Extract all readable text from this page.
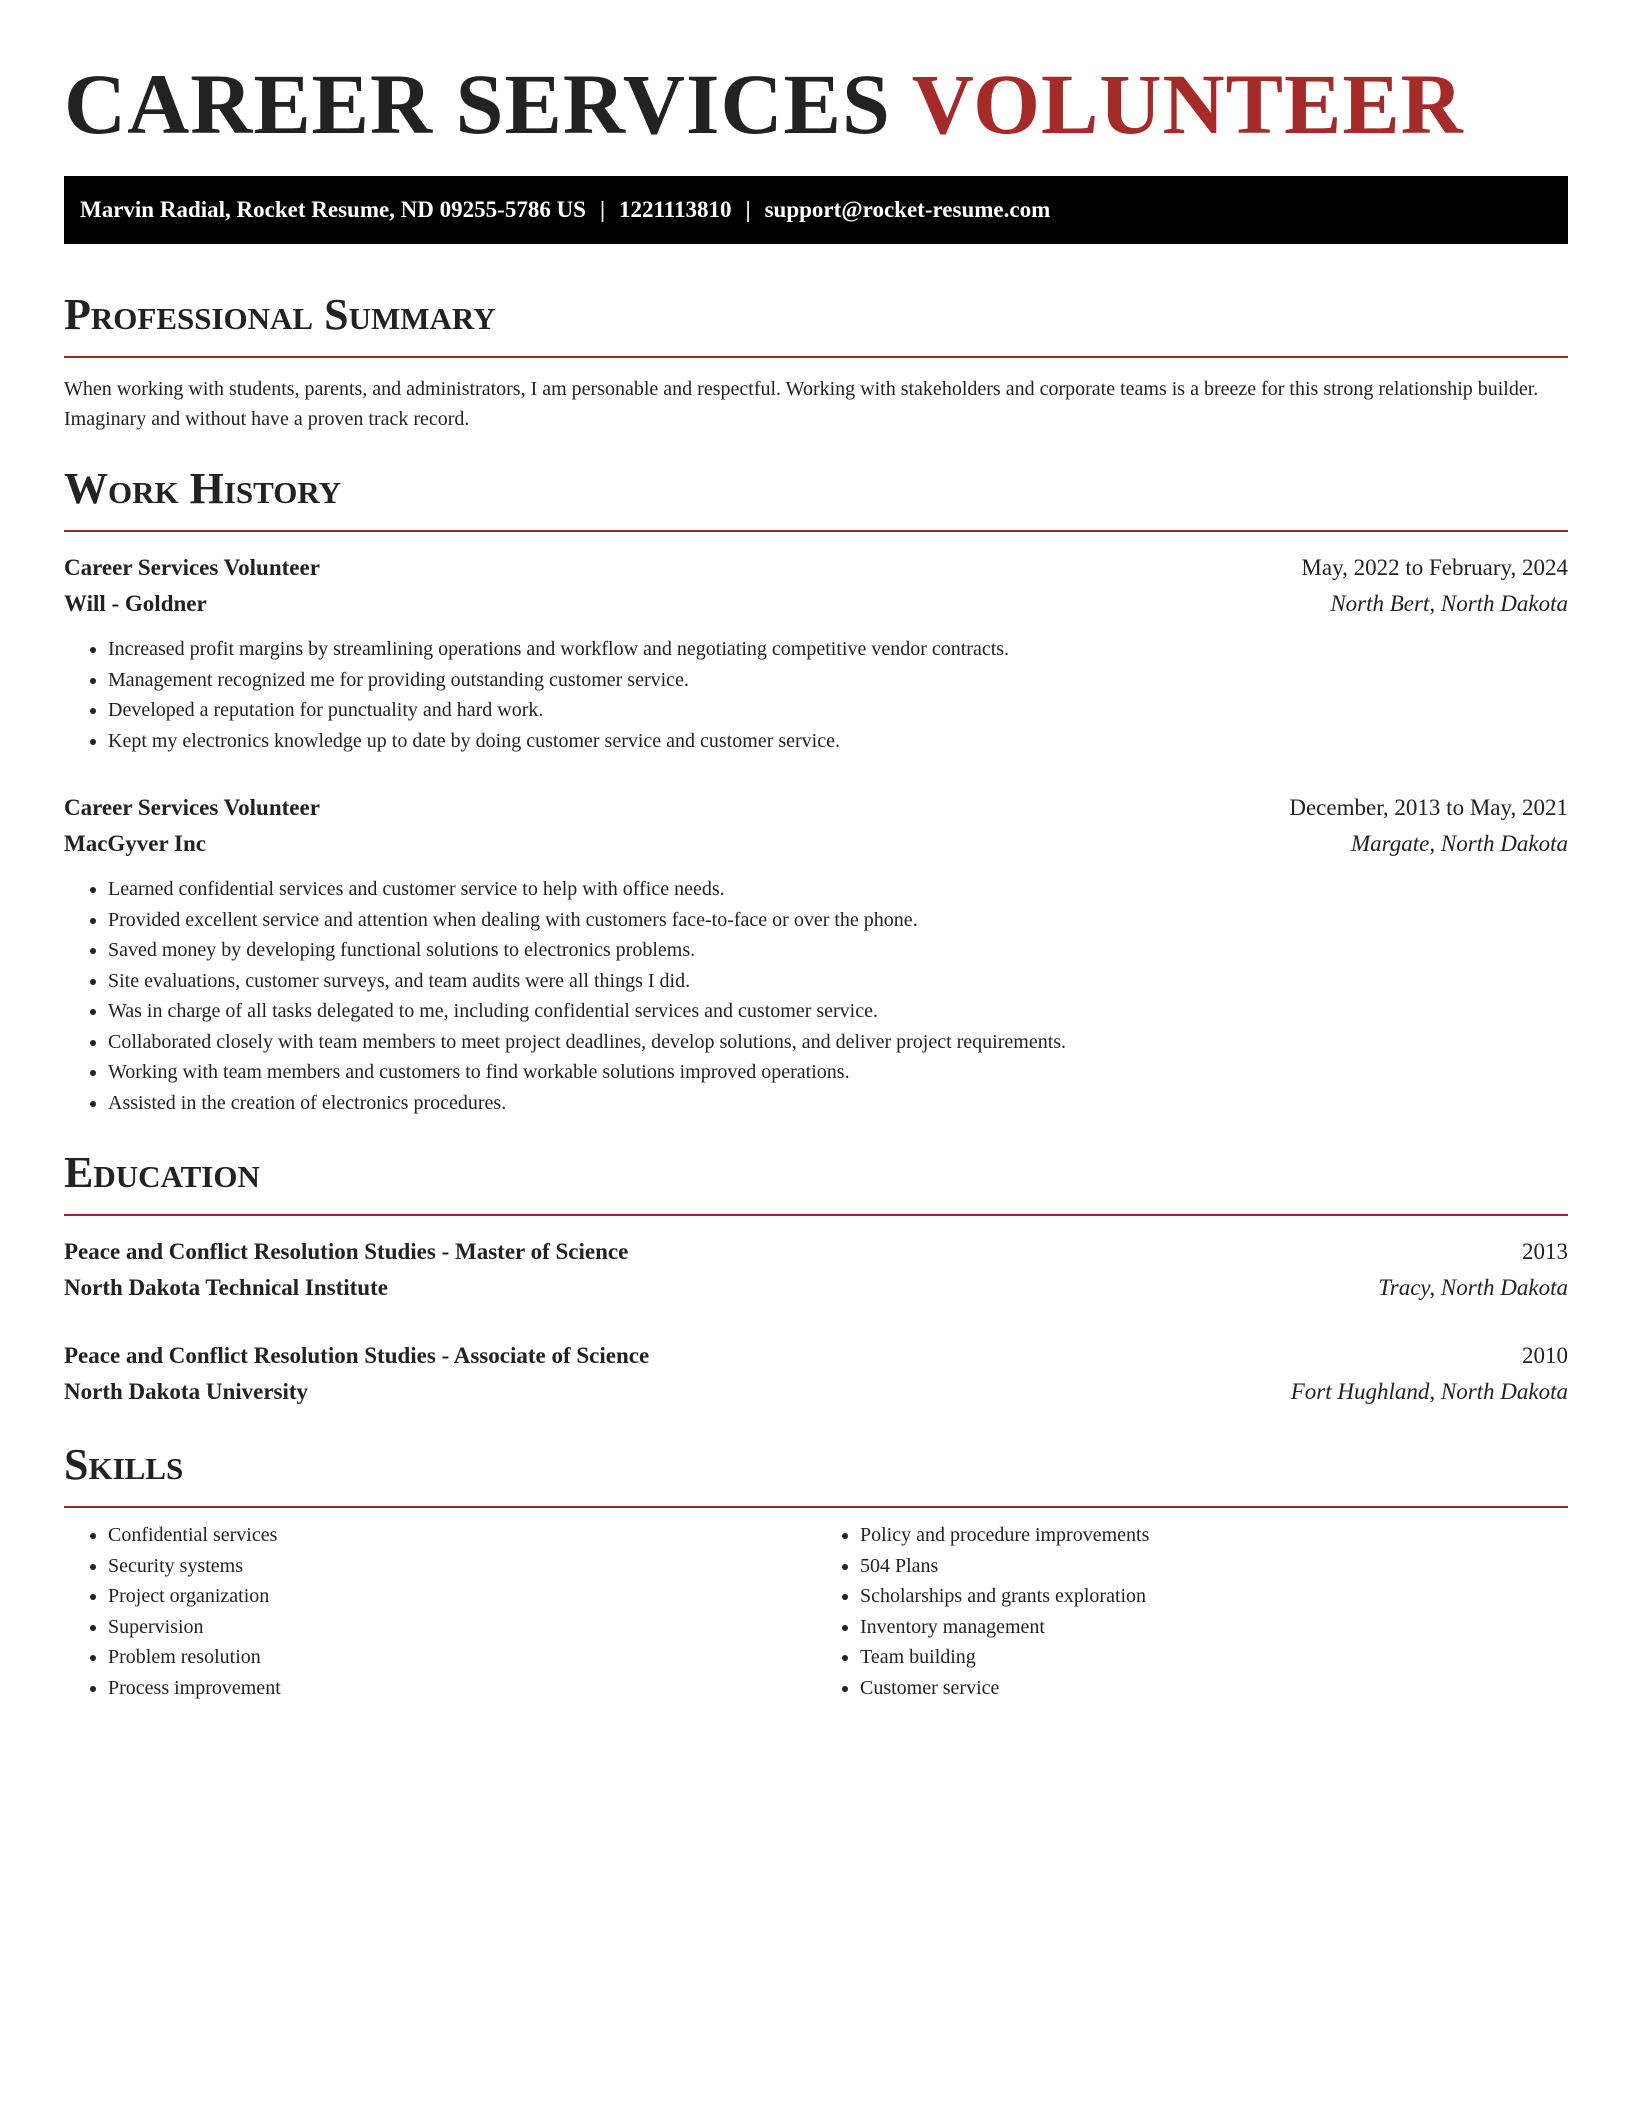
CAREER SERVICES VOLUNTEER
Marvin Radial, Rocket Resume, ND 09255-5786 US | 1221113810 | support@rocket-resume.com
Professional Summary

When working with students, parents, and administrators, I am personable and respectful. Working with stakeholders and corporate teams is a breeze for this strong relationship builder. Imaginary and without have a proven track record.

Work History
Career Services Volunteer	May, 2022 to February, 2024
Will - Goldner	North Bert, North Dakota
• Increased profit margins by streamlining operations and workflow and negotiating competitive vendor contracts.
• Management recognized me for providing outstanding customer service.
• Developed a reputation for punctuality and hard work.
• Kept my electronics knowledge up to date by doing customer service and customer service.
Career Services Volunteer	December, 2013 to May, 2021
MacGyver Inc	Margate, North Dakota
• Learned confidential services and customer service to help with office needs.
• Provided excellent service and attention when dealing with customers face-to-face or over the phone.
• Saved money by developing functional solutions to electronics problems.
• Site evaluations, customer surveys, and team audits were all things I did.
• Was in charge of all tasks delegated to me, including confidential services and customer service.
• Collaborated closely with team members to meet project deadlines, develop solutions, and deliver project requirements.
• Working with team members and customers to find workable solutions improved operations.
• Assisted in the creation of electronics procedures.
Education
Peace and Conflict Resolution Studies - Master of Science	2013
North Dakota Technical Institute	Tracy, North Dakota
Peace and Conflict Resolution Studies - Associate of Science	2010
North Dakota University	Fort Hughland, North Dakota
Skills
• Confidential services
• Security systems
• Project organization
• Supervision
• Problem resolution
• Process improvement
• Policy and procedure improvements
• 504 Plans
• Scholarships and grants exploration
• Inventory management
• Team building
• Customer service
